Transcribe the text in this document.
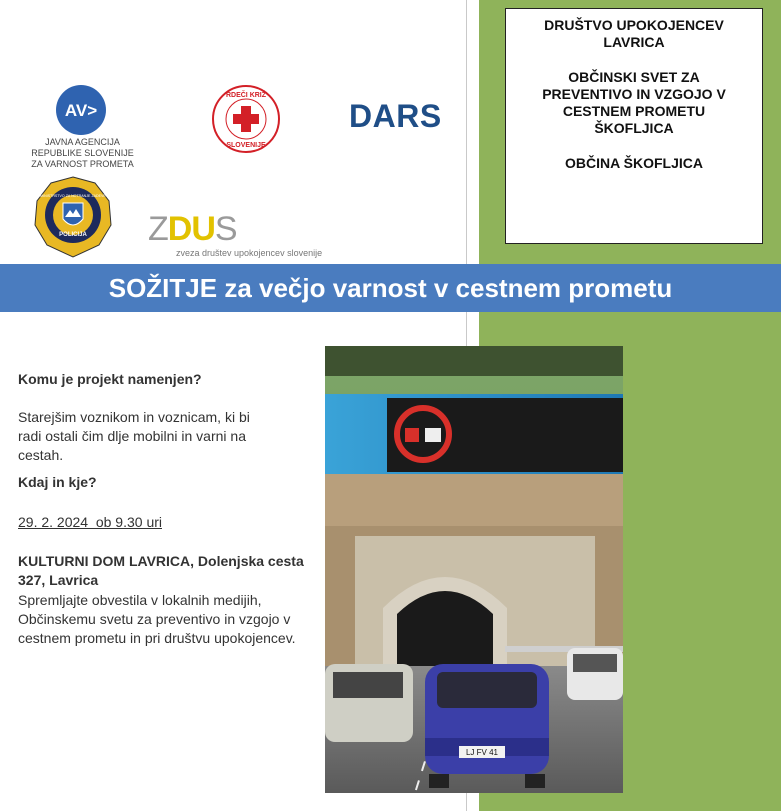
DRUŠTVO UPOKOJENCEV LAVRICA
OBČINSKI SVET ZA PREVENTIVO IN VZGOJO V CESTNEM PROMETU ŠKOFLJICA
OBČINA ŠKOFLJICA
AV>
JAVNA AGENCIJA REPUBLIKE SLOVENIJE ZA VARNOST PROMETA
RDEČI KRIŽ
SLOVENIJE
DARS
MINISTRSTVO ZA NOTRANJE ZADEVE
POLICIJA ZDUS
zveza društev upokojencev slovenije
SOŽITJE za večjo varnost v cestnem prometu
Komu je projekt namenjen?
Starejšim voznikom in voznicam, ki bi radi ostali čim dlje mobilni in varni na cestah.
Kdaj in kje?
29. 2. 2024  ob 9.30 uri
KULTURNI DOM LAVRICA, Dolenjska cesta 327, Lavrica
Spremljajte obvestila v lokalnih medijih, Občinskemu svetu za preventivo in vzgojo v cestnem prometu in pri društvu upokojencev.
LJ FV 41
